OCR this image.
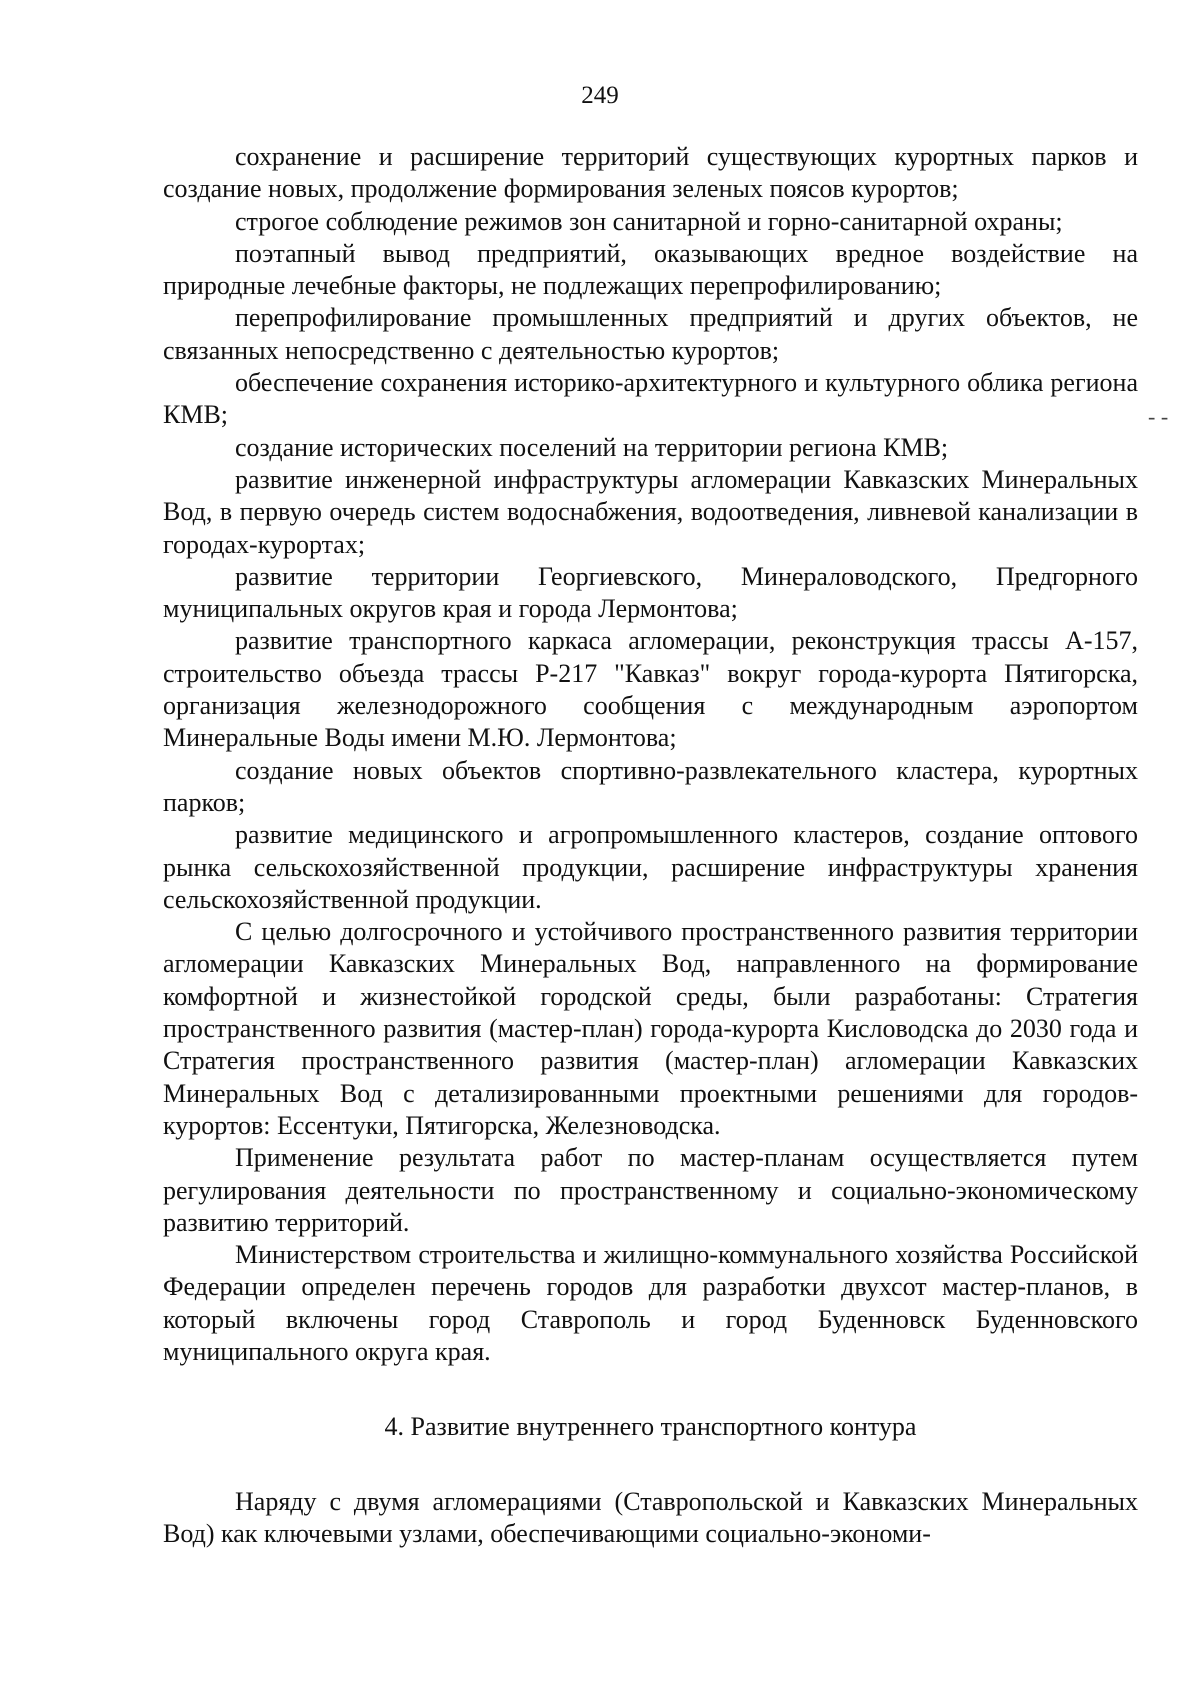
249
- -

сохранение и расширение территорий существующих курортных парков и создание новых, продолжение формирования зеленых поясов курортов;

строгое соблюдение режимов зон санитарной и горно-санитарной охраны;

поэтапный вывод предприятий, оказывающих вредное воздействие на природные лечебные факторы, не подлежащих перепрофилированию;

перепрофилирование промышленных предприятий и других объектов, не связанных непосредственно с деятельностью курортов;

обеспечение сохранения историко-архитектурного и культурного облика региона КМВ;

создание исторических поселений на территории региона КМВ;

развитие инженерной инфраструктуры агломерации Кавказских Минеральных Вод, в первую очередь систем водоснабжения, водоотведения, ливневой канализации в городах-курортах;

развитие территории Георгиевского, Минераловодского, Предгорного муниципальных округов края и города Лермонтова;

развитие транспортного каркаса агломерации, реконструкция трассы А-157, строительство объезда трассы Р-217 "Кавказ" вокруг города-курорта Пятигорска, организация железнодорожного сообщения с международным аэропортом Минеральные Воды имени М.Ю. Лермонтова;

создание новых объектов спортивно-развлекательного кластера, курортных парков;

развитие медицинского и агропромышленного кластеров, создание оптового рынка сельскохозяйственной продукции, расширение инфраструктуры хранения сельскохозяйственной продукции.

С целью долгосрочного и устойчивого пространственного развития территории агломерации Кавказских Минеральных Вод, направленного на формирование комфортной и жизнестойкой городской среды, были разработаны: Стратегия пространственного развития (мастер-план) города-курорта Кисловодска до 2030 года и Стратегия пространственного развития (мастер-план) агломерации Кавказских Минеральных Вод с детализированными проектными решениями для городов-курортов: Ессентуки, Пятигорска, Железноводска.

Применение результата работ по мастер-планам осуществляется путем регулирования деятельности по пространственному и социально-экономическому развитию территорий.

Министерством строительства и жилищно-коммунального хозяйства Российской Федерации определен перечень городов для разработки двухсот мастер-планов, в который включены город Ставрополь и город Буденновск Буденновского муниципального округа края.

4. Развитие внутреннего транспортного контура

Наряду с двумя агломерациями (Ставропольской и Кавказских Минеральных Вод) как ключевыми узлами, обеспечивающими социально-экономи-
